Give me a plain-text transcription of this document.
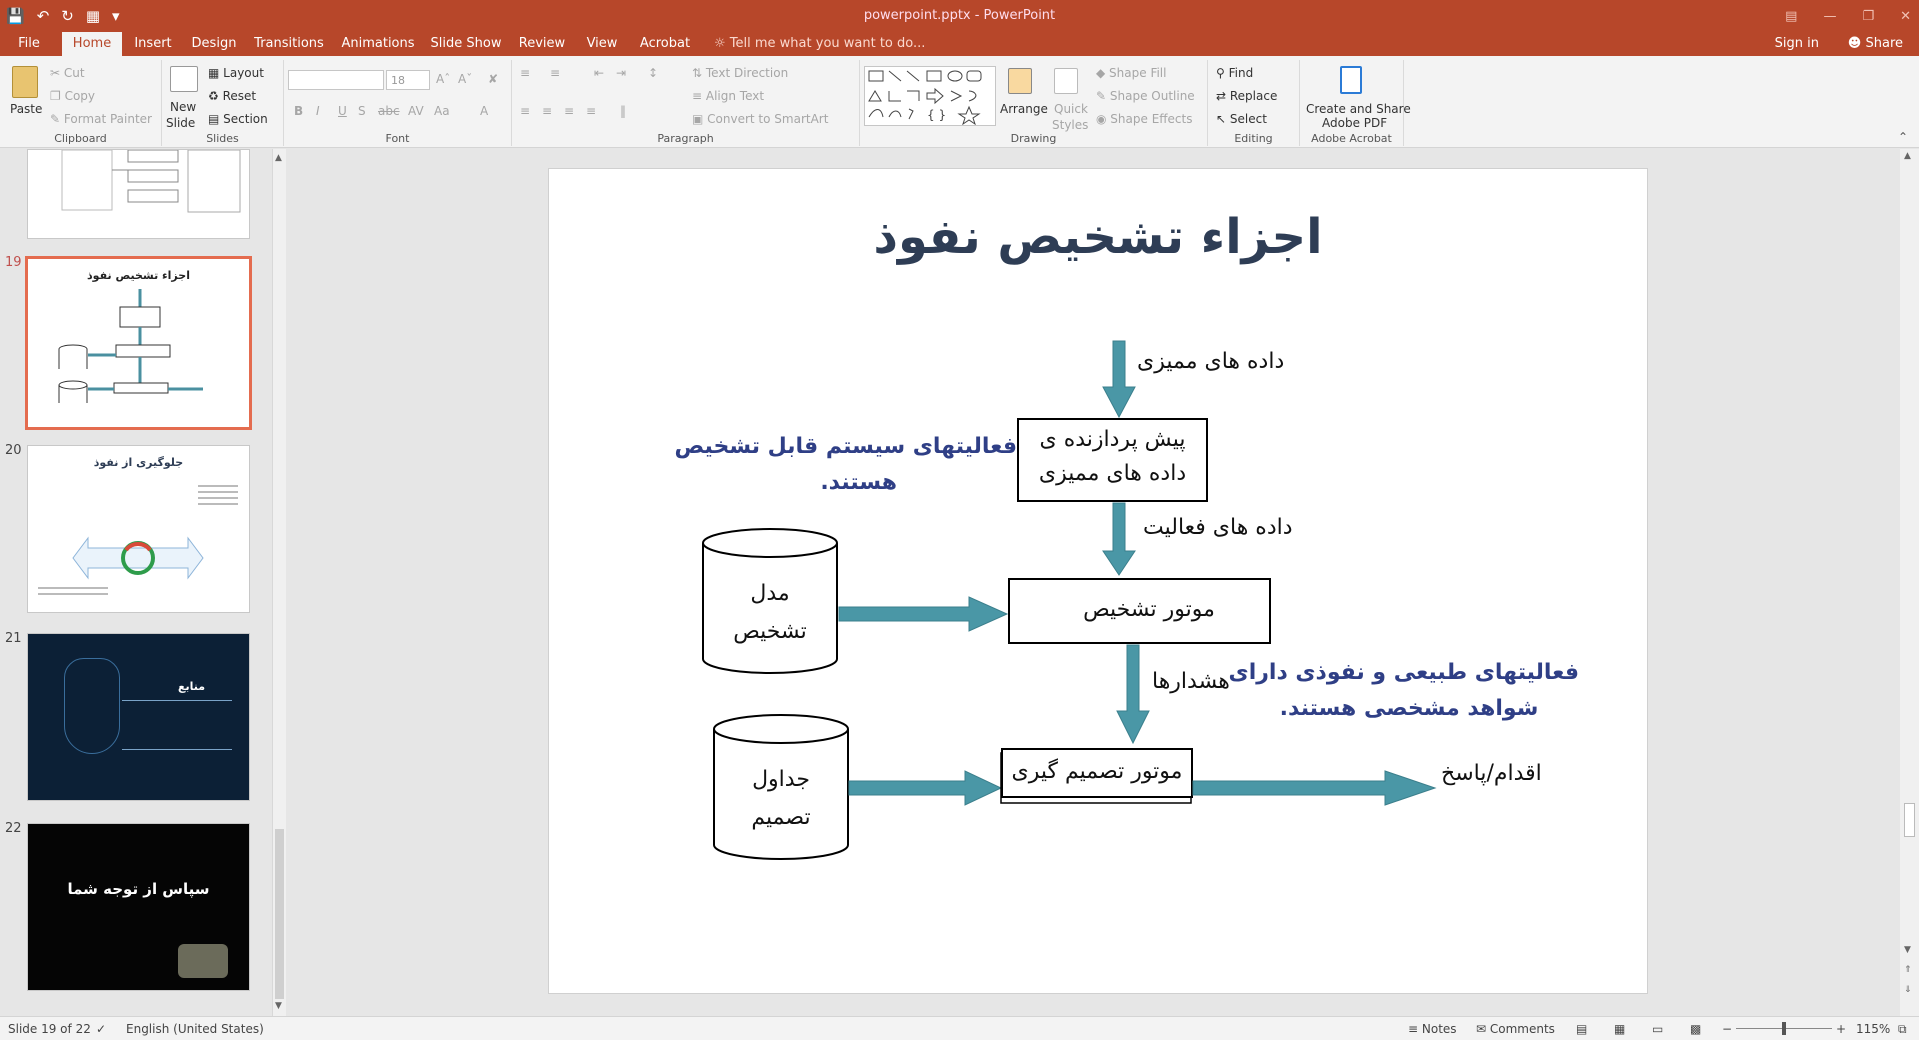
💾 ↶ ↻ ▦ ▾	powerpoint.pptx - PowerPoint	▤ — ❐ ✕
File	Home	Insert	Design Transitions Animations Slide Show Review	View	Acrobat	☼ Tell me what you want to do...	Sign in ☻ Share
Paste
✂ Cut
❐ Copy
✎ Format Painter
Clipboard
New
Slide
▦ Layout
♻ Reset
▤ Section
Slides
18	Aˆ Aˇ ✘
B I U S abc AV Aa	A
Font
≡ ≡	⇤ ⇥ ↕	⇅ Text Direction
≡ Align Text
▣ Convert to SmartArt
≡ ≡ ≡ ≡ ‖
Paragraph
{ }	Arrange Quick
Styles
◆ Shape Fill
✎ Shape Outline
◉ Shape Effects
Drawing
⚲ Find
⇄ Replace
↖ Select
Editing
Create and Share
Adobe PDF
Adobe Acrobat	⌃
19
اجزاء تشخیص نفوذ
20
جلوگیری از نفوذ
21
منابع
22
سپاس از توجه شما
▲
▼
اجزاء تشخیص نفوذ
داده های ممیزی
پیش پردازنده ی
داده های ممیزی
داده های فعالیت
مدل
تشخیص
موتور تشخیص
هشدارها
جداول
تصمیم
موتور تصمیم گیری	اقدام/پاسخ
فعالیتهای سیستم قابل تشخیص
هستند.
فعالیتهای طبیعی و نفوذی دارای
شواهد مشخصی هستند.
▲
▼
⇑
⇓
Slide 19 of 22 ✓ English (United States)	≡ Notes ✉ Comments ▤ ▦ ▭ ▩ −	+ 115% ⧉
